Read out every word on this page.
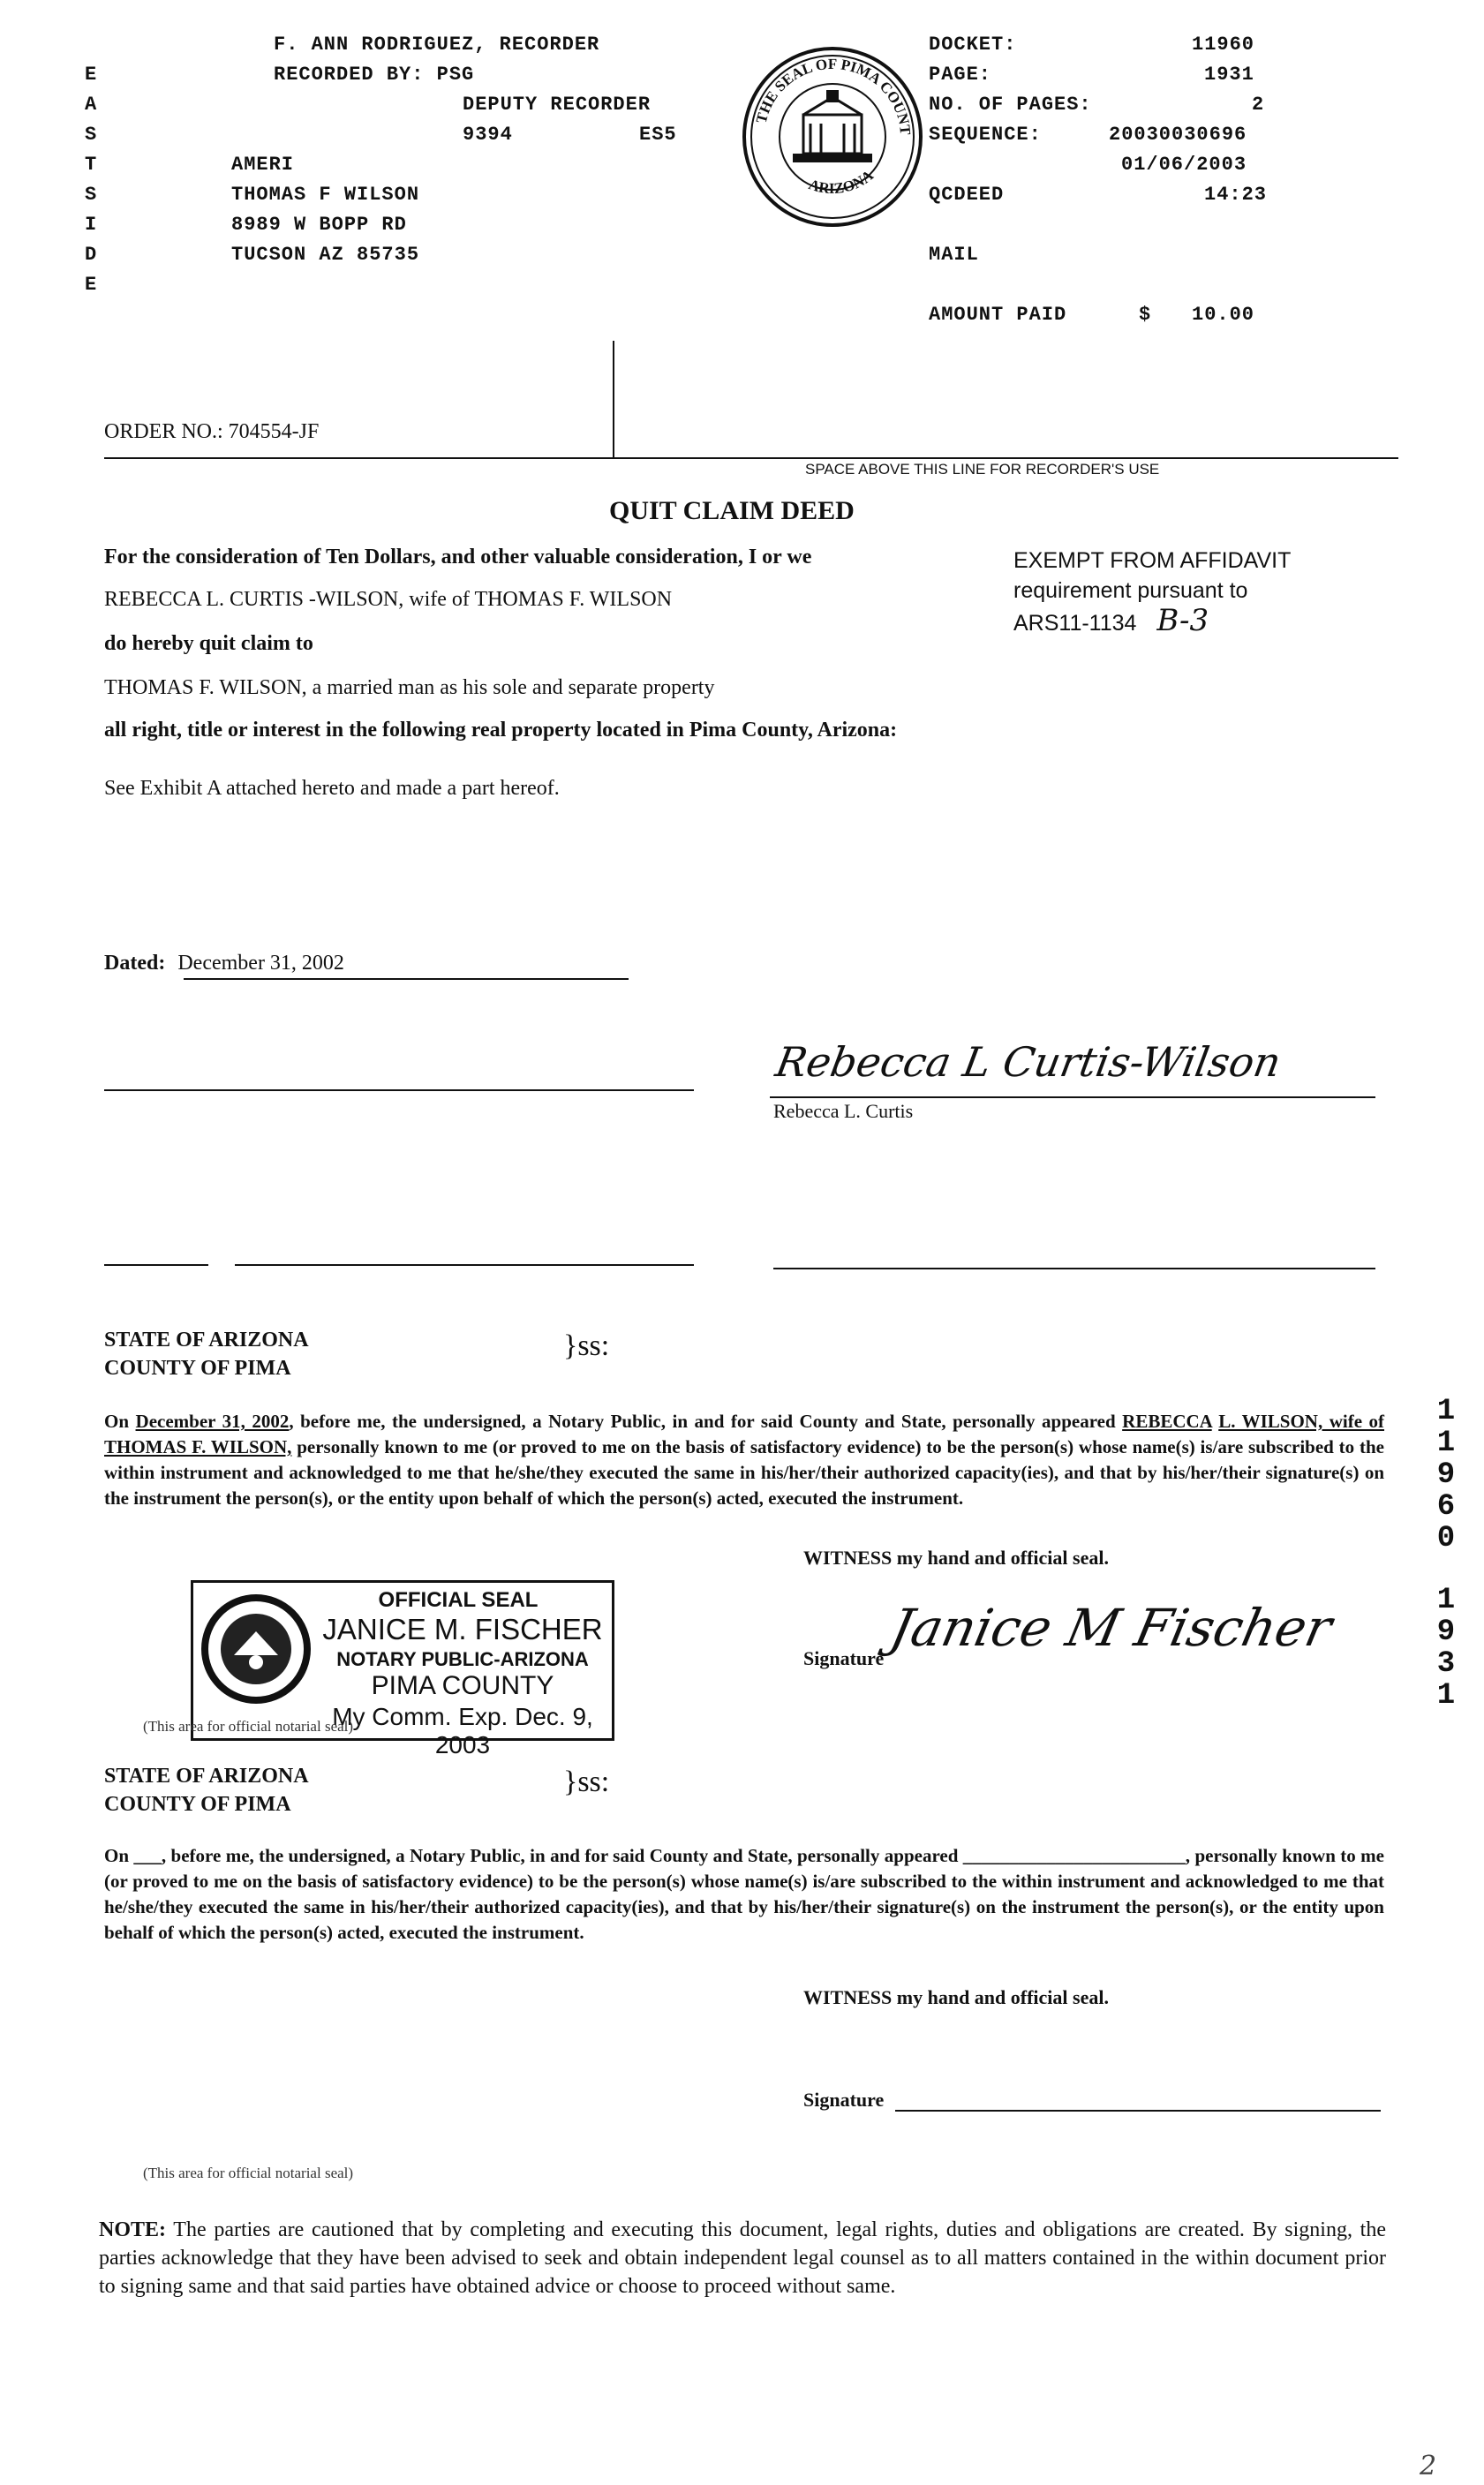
E
A
S
T
S
I
D
E
F. ANN RODRIGUEZ, RECORDER
RECORDED BY: PSG
DEPUTY RECORDER
9394	ES5
AMERI
THOMAS F WILSON
8989 W BOPP RD
TUCSON AZ 85735
THE SEAL OF PIMA COUNT
ARIZONA
DOCKET:	11960
PAGE:	1931
NO. OF PAGES:	2
SEQUENCE:	20030030696
01/06/2003
QCDEED	14:23
MAIL
AMOUNT PAID	$ 10.00
ORDER NO.: 704554-JF
SPACE ABOVE THIS LINE FOR RECORDER'S USE
QUIT CLAIM DEED
EXEMPT FROM AFFIDAVIT
requirement pursuant to
ARS11-1134 B-3
For the consideration of Ten Dollars, and other valuable consideration, I or we
REBECCA L. CURTIS -WILSON, wife of THOMAS F. WILSON
do hereby quit claim to
THOMAS F. WILSON, a married man as his sole and separate property
all right, title or interest in the following real property located in Pima County, Arizona:
See Exhibit A attached hereto and made a part hereof.
Dated: December 31, 2002
Rebecca L Curtis-Wilson
Rebecca L. Curtis
STATE OF ARIZONA
COUNTY OF PIMA
}ss:
On December 31, 2002, before me, the undersigned, a Notary Public, in and for said County and State, personally appeared REBECCA L. WILSON, wife of THOMAS F. WILSON, personally known to me (or proved to me on the basis of satisfactory evidence) to be the person(s) whose name(s) is/are subscribed to the within instrument and acknowledged to me that he/she/they executed the same in his/her/their authorized capacity(ies), and that by his/her/their signature(s) on the instrument the person(s), or the entity upon behalf of which the person(s) acted, executed the instrument.
WITNESS my hand and official seal.
OFFICIAL SEAL
JANICE M. FISCHER
NOTARY PUBLIC-ARIZONA
PIMA COUNTY
My Comm. Exp. Dec. 9, 2003
(This area for official notarial seal)
Signature
Janice M Fischer
STATE OF ARIZONA
COUNTY OF PIMA
}ss:
On ___, before me, the undersigned, a Notary Public, in and for said County and State, personally appeared ________________________, personally known to me (or proved to me on the basis of satisfactory evidence) to be the person(s) whose name(s) is/are subscribed to the within instrument and acknowledged to me that he/she/they executed the same in his/her/their authorized capacity(ies), and that by his/her/their signature(s) on the instrument the person(s), or the entity upon behalf of which the person(s) acted, executed the instrument.
WITNESS my hand and official seal.
Signature
(This area for official notarial seal)
NOTE: The parties are cautioned that by completing and executing this document, legal rights, duties and obligations are created. By signing, the parties acknowledge that they have been advised to seek and obtain independent legal counsel as to all matters contained in the within document prior to signing same and that said parties have obtained advice or choose to proceed without same.
1
1
9
6
0
1
9
3
1
2
